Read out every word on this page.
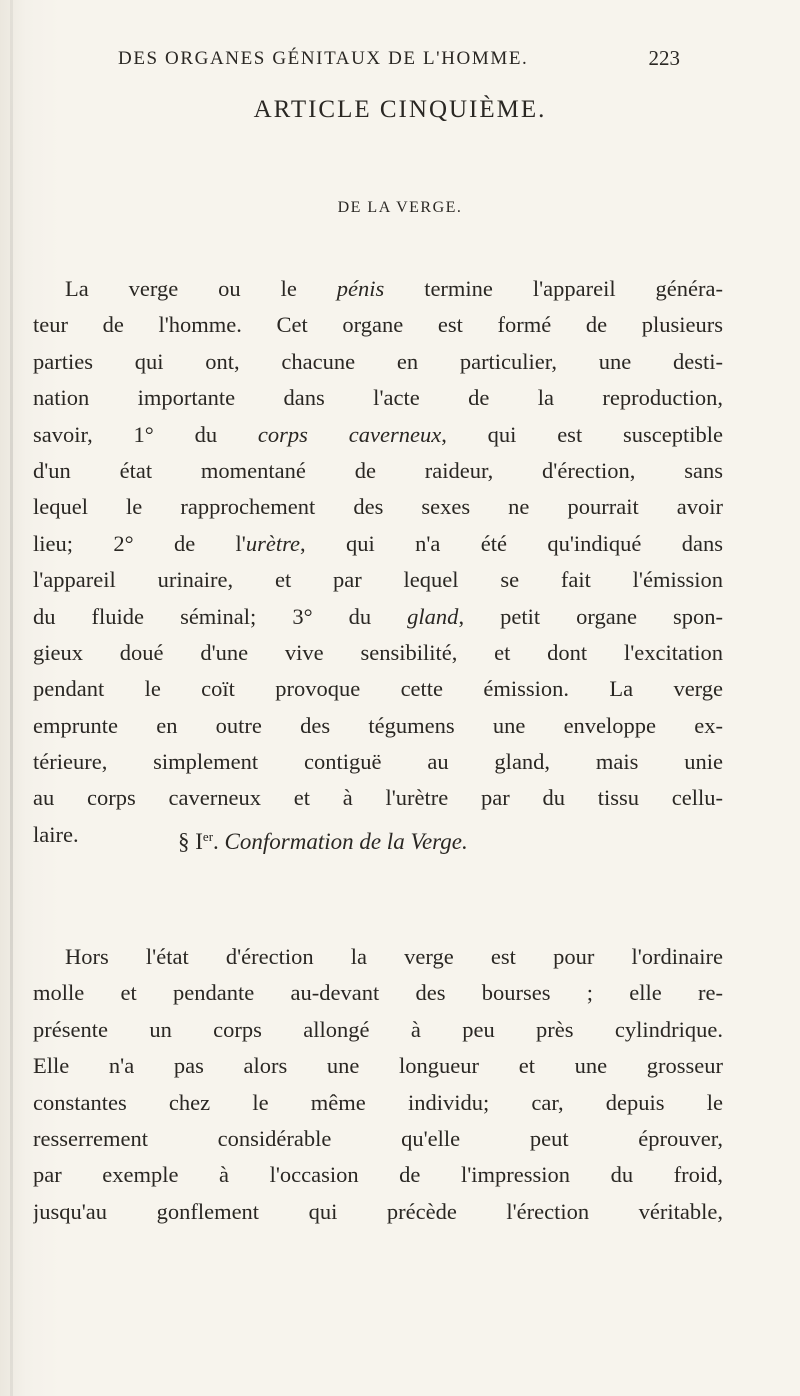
DES ORGANES GÉNITAUX DE L'HOMME.	223
ARTICLE CINQUIÈME.
DE LA VERGE.
La verge ou le pénis termine l'appareil généra-
teur de l'homme. Cet organe est formé de plusieurs
parties qui ont, chacune en particulier, une desti-
nation importante dans l'acte de la reproduction,
savoir, 1° du corps caverneux, qui est susceptible
d'un état momentané de raideur, d'érection, sans
lequel le rapprochement des sexes ne pourrait avoir
lieu; 2° de l'urètre, qui n'a été qu'indiqué dans
l'appareil urinaire, et par lequel se fait l'émission
du fluide séminal; 3° du gland, petit organe spon-
gieux doué d'une vive sensibilité, et dont l'excitation
pendant le coït provoque cette émission. La verge
emprunte en outre des tégumens une enveloppe ex-
térieure, simplement contiguë au gland, mais unie
au corps caverneux et à l'urètre par du tissu cellu-
laire.	§ Ier. Conformation de la Verge.
Hors l'état d'érection la verge est pour l'ordinaire
molle et pendante au-devant des bourses ; elle re-
présente un corps allongé à peu près cylindrique.
Elle n'a pas alors une longueur et une grosseur
constantes chez le même individu; car, depuis le
resserrement considérable qu'elle peut éprouver,
par exemple à l'occasion de l'impression du froid,
jusqu'au gonflement qui précède l'érection véritable,
